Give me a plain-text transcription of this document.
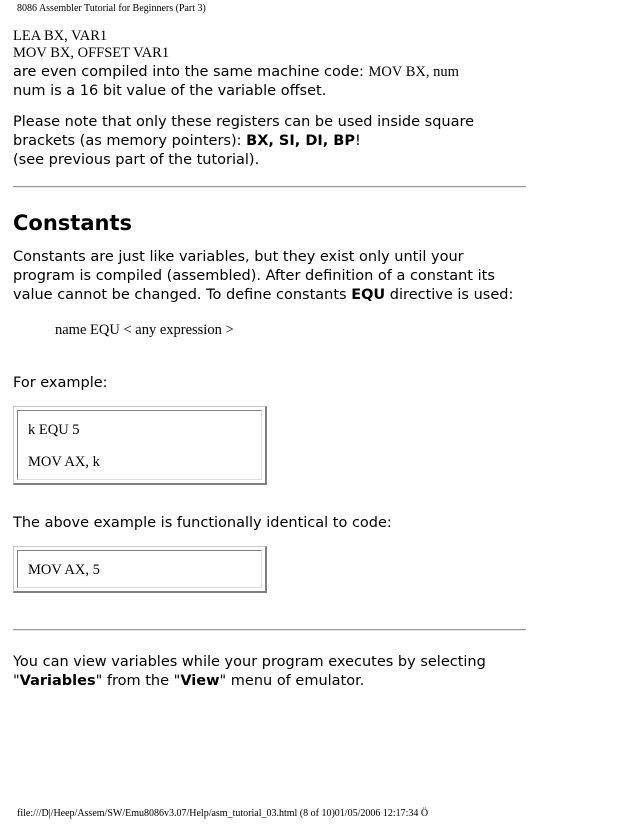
8086 Assembler Tutorial for Beginners (Part 3)
LEA BX, VAR1
MOV BX, OFFSET VAR1
are even compiled into the same machine code: MOV BX, num
num is a 16 bit value of the variable offset.
Please note that only these registers can be used inside square
brackets (as memory pointers): BX, SI, DI, BP!
(see previous part of the tutorial).
Constants
Constants are just like variables, but they exist only until your
program is compiled (assembled). After definition of a constant its
value cannot be changed. To define constants EQU directive is used:
name EQU < any expression >
For example:
k EQU 5
MOV AX, k
The above example is functionally identical to code:
MOV AX, 5
You can view variables while your program executes by selecting
"Variables" from the "View" menu of emulator.
file:///D|/Heep/Assem/SW/Emu8086v3.07/Help/asm_tutorial_03.html (8 of 10)01/05/2006 12:17:34 Ö
